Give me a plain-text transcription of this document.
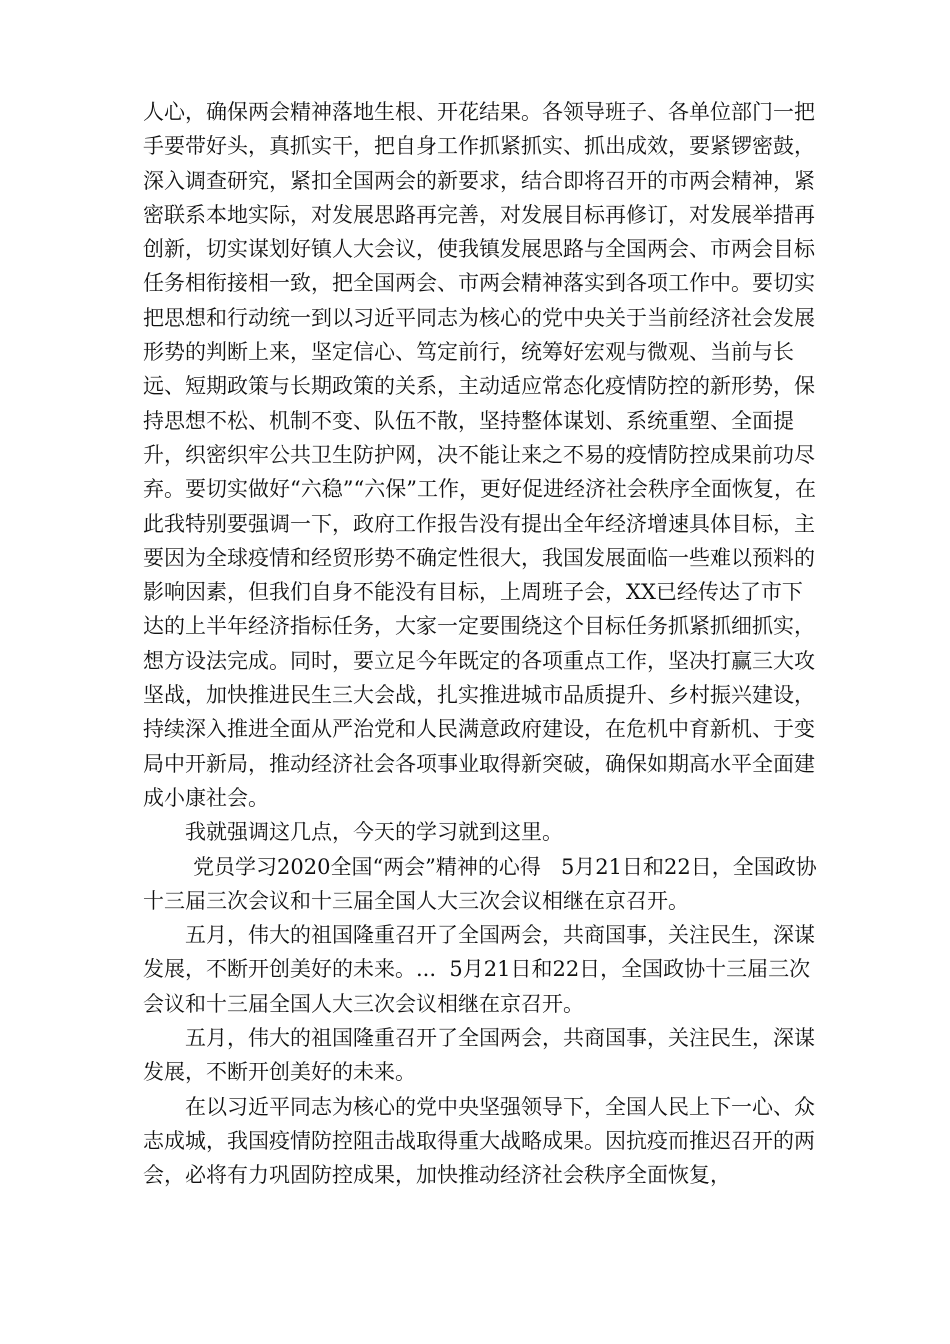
人心，确保两会精神落地生根、开花结果。各领导班子、各单位部门一把手要带好头，真抓实干，把自身工作抓紧抓实、抓出成效，要紧锣密鼓，深入调查研究，紧扣全国两会的新要求，结合即将召开的市两会精神，紧密联系本地实际，对发展思路再完善，对发展目标再修订，对发展举措再创新，切实谋划好镇人大会议，使我镇发展思路与全国两会、市两会目标任务相衔接相一致，把全国两会、市两会精神落实到各项工作中。要切实把思想和行动统一到以习近平同志为核心的党中央关于当前经济社会发展形势的判断上来，坚定信心、笃定前行，统筹好宏观与微观、当前与长远、短期政策与长期政策的关系，主动适应常态化疫情防控的新形势，保持思想不松、机制不变、队伍不散，坚持整体谋划、系统重塑、全面提升，织密织牢公共卫生防护网，决不能让来之不易的疫情防控成果前功尽弃。要切实做好“六稳”“六保”工作，更好促进经济社会秩序全面恢复，在此我特别要强调一下，政府工作报告没有提出全年经济增速具体目标，主要因为全球疫情和经贸形势不确定性很大，我国发展面临一些难以预料的影响因素，但我们自身不能没有目标，上周班子会，XX已经传达了市下达的上半年经济指标任务，大家一定要围绕这个目标任务抓紧抓细抓实，想方设法完成。同时，要立足今年既定的各项重点工作，坚决打赢三大攻坚战，加快推进民生三大会战，扎实推进城市品质提升、乡村振兴建设，持续深入推进全面从严治党和人民满意政府建设，在危机中育新机、于变局中开新局，推动经济社会各项事业取得新突破，确保如期高水平全面建成小康社会。

我就强调这几点，今天的学习就到这里。

党员学习2020全国“两会”精神的心得   5月21日和22日，全国政协十三届三次会议和十三届全国人大三次会议相继在京召开。

五月，伟大的祖国隆重召开了全国两会，共商国事，关注民生，深谋发展，不断开创美好的未来。...  5月21日和22日，全国政协十三届三次会议和十三届全国人大三次会议相继在京召开。

五月，伟大的祖国隆重召开了全国两会，共商国事，关注民生，深谋发展，不断开创美好的未来。

在以习近平同志为核心的党中央坚强领导下，全国人民上下一心、众志成城，我国疫情防控阻击战取得重大战略成果。因抗疫而推迟召开的两会，必将有力巩固防控成果，加快推动经济社会秩序全面恢复，
